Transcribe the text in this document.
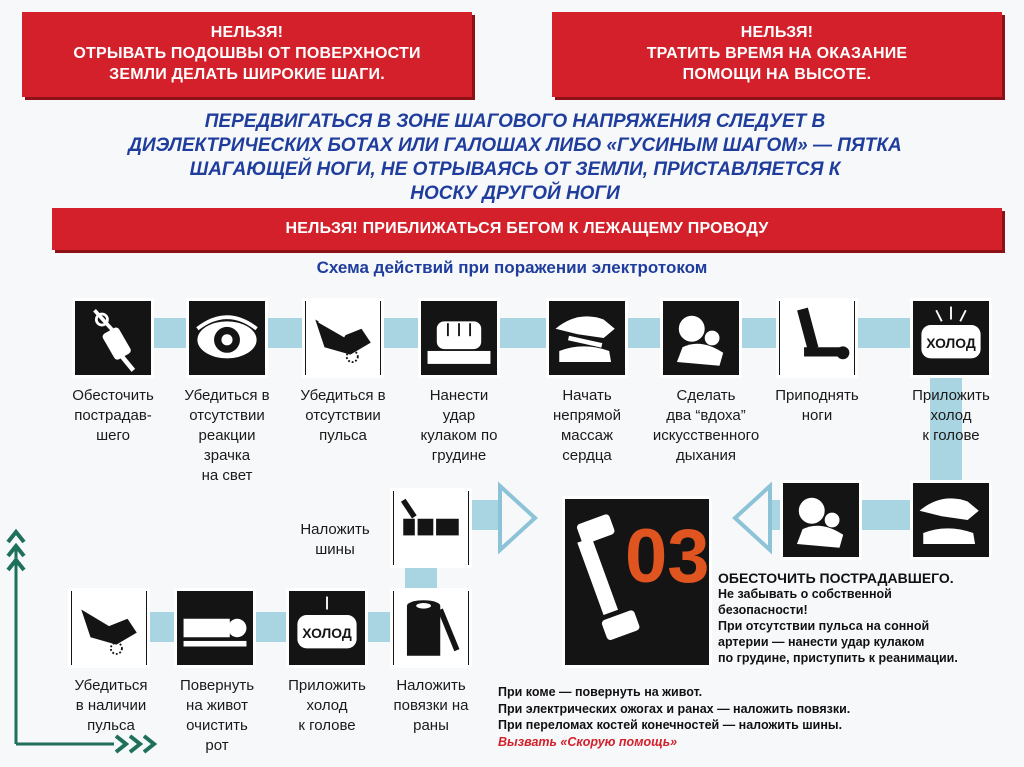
НЕЛЬЗЯ!
ОТРЫВАТЬ ПОДОШВЫ ОТ ПОВЕРХНОСТИ
ЗЕМЛИ ДЕЛАТЬ ШИРОКИЕ ШАГИ.
НЕЛЬЗЯ!
ТРАТИТЬ ВРЕМЯ НА ОКАЗАНИЕ
ПОМОЩИ НА ВЫСОТЕ.
ПЕРЕДВИГАТЬСЯ В ЗОНЕ ШАГОВОГО НАПРЯЖЕНИЯ СЛЕДУЕТ В
ДИЭЛЕКТРИЧЕСКИХ БОТАХ ИЛИ ГАЛОШАХ ЛИБО «ГУСИНЫМ ШАГОМ» — ПЯТКА
ШАГАЮЩЕЙ НОГИ, НЕ ОТРЫВАЯСЬ ОТ ЗЕМЛИ, ПРИСТАВЛЯЕТСЯ К
НОСКУ ДРУГОЙ НОГИ
НЕЛЬЗЯ! ПРИБЛИЖАТЬСЯ БЕГОМ К ЛЕЖАЩЕМУ ПРОВОДУ
Схема действий при поражении электротоком
ХОЛОД
Обесточить
пострадав-
шего
Убедиться в
отсутствии
реакции
зрачка
на свет
Убедиться в
отсутствии
пульса
Нанести
удар
кулаком по
грудине
Начать
непрямой
массаж
сердца
Сделать
два “вдоха”
искусственного
дыхания
Приподнять
ноги
Приложить
холод
к голове
03
Наложить
шины
ХОЛОД
Убедиться
в наличии
пульса
Повернуть
на живот
очистить
рот
Приложить
холод
к голове
Наложить
повязки на
раны
ОБЕСТОЧИТЬ ПОСТРАДАВШЕГО.
Не забывать о собственной
безопасности!
При отсутствии пульса на сонной
артерии — нанести удар кулаком
по грудине, приступить к реанимации.
При коме — повернуть на живот.
При электрических ожогах и ранах — наложить повязки.
При переломах костей конечностей — наложить шины.
Вызвать «Скорую помощь»
